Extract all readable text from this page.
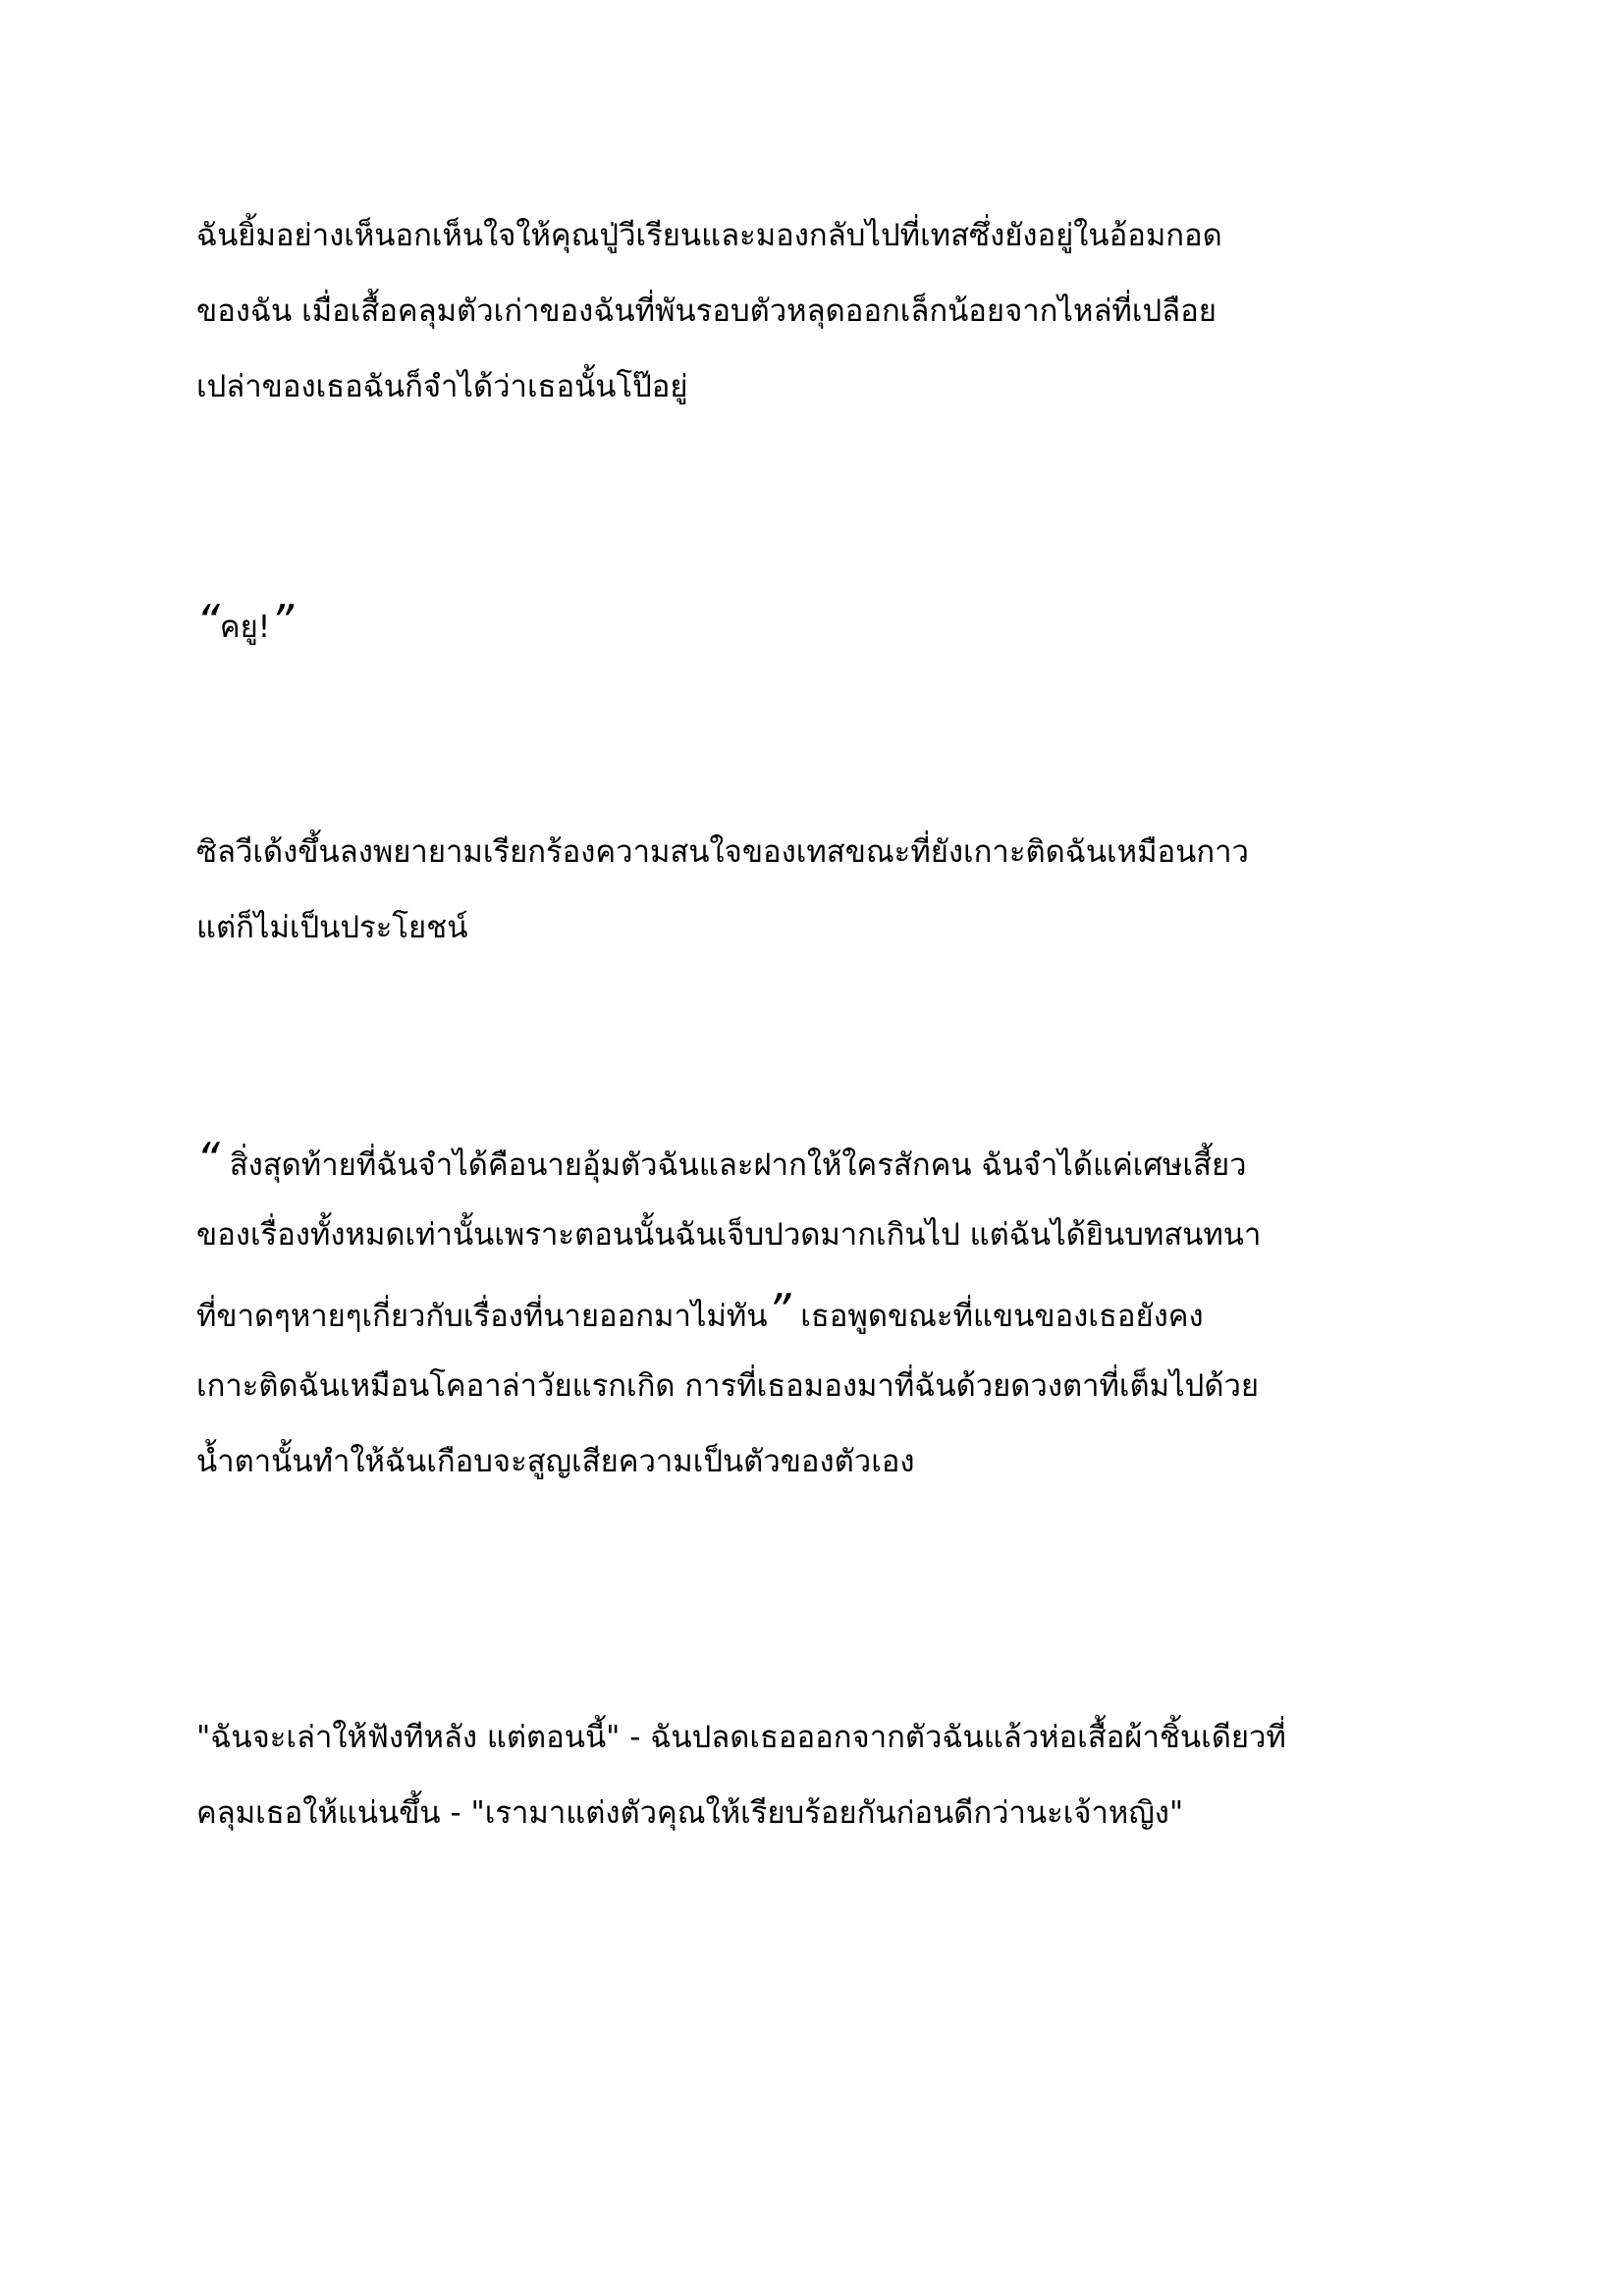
ฉันยิ้มอย่างเห็นอกเห็นใจให้คุณปู่วีเรียนและมองกลับไปที่เทสซึ่งยังอยู่ในอ้อมกอด
ของฉัน เมื่อเสื้อคลุมตัวเก่าของฉันที่พันรอบตัวหลุดออกเล็กน้อยจากไหล่ที่เปลือย
เปล่าของเธอฉันก็จำได้ว่าเธอนั้นโป๊อยู่
“คยู!”
ซิลวีเด้งขึ้นลงพยายามเรียกร้องความสนใจของเทสขณะที่ยังเกาะติดฉันเหมือนกาว
แต่ก็ไม่เป็นประโยชน์
“ สิ่งสุดท้ายที่ฉันจำได้คือนายอุ้มตัวฉันและฝากให้ใครสักคน ฉันจำได้แค่เศษเสี้ยว
ของเรื่องทั้งหมดเท่านั้นเพราะตอนนั้นฉันเจ็บปวดมากเกินไป แต่ฉันได้ยินบทสนทนา
ที่ขาดๆหายๆเกี่ยวกับเรื่องที่นายออกมาไม่ทัน” เธอพูดขณะที่แขนของเธอยังคง
เกาะติดฉันเหมือนโคอาล่าวัยแรกเกิด การที่เธอมองมาที่ฉันด้วยดวงตาที่เต็มไปด้วย
น้ำตานั้นทำให้ฉันเกือบจะสูญเสียความเป็นตัวของตัวเอง
"ฉันจะเล่าให้ฟังทีหลัง แต่ตอนนี้" - ฉันปลดเธอออกจากตัวฉันแล้วห่อเสื้อผ้าชิ้นเดียวที่
คลุมเธอให้แน่นขึ้น - "เรามาแต่งตัวคุณให้เรียบร้อยกันก่อนดีกว่านะเจ้าหญิง"
